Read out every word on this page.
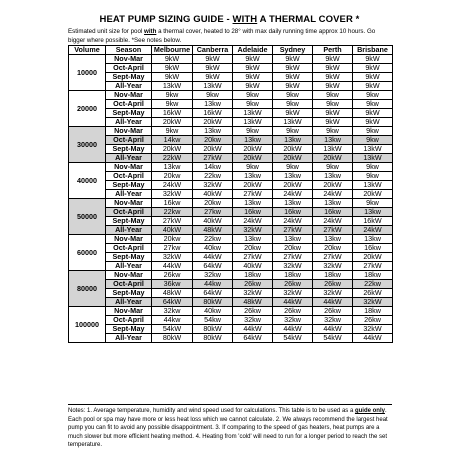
HEAT PUMP SIZING GUIDE - WITH A THERMAL COVER *
Estimated unit size for pool with a thermal cover, heated to 28° with max daily running time approx 10 hours. Go bigger where possible. *See notes below.
Volume	Season	Melbourne	Canberra	Adelaide	Sydney	Perth	Brisbane
10000	Nov-Mar	9kW	9kW	9kW	9kW	9kW	9kW
	Oct-April	9kW	9kW	9kW	9kW	9kW	9kW
	Sept-May	9kW	9kW	9kW	9kW	9kW	9kW
	All-Year	13kW	13kW	9kW	9kW	9kW	9kW
20000	Nov-Mar	9kw	9kw	9kw	9kw	9kw	9kw
	Oct-April	9kw	13kw	9kw	9kw	9kw	9kw
	Sept-May	16kW	16kW	13kW	9kW	9kW	9kW
	All-Year	20kW	20kW	13kW	13kW	9kW	9kW
30000	Nov-Mar	9kw	13kw	9kw	9kw	9kw	9kw
	Oct-April	14kw	20kw	13kw	13kw	13kw	9kw
	Sept-May	20kW	20kW	20kW	20kW	13kW	13kW
	All-Year	22kW	27kW	20kW	20kW	20kW	13kW
40000	Nov-Mar	13kw	14kw	9kw	9kw	9kw	9kw
	Oct-April	20kw	22kw	13kw	13kw	13kw	9kw
	Sept-May	24kW	32kW	20kW	20kW	20kW	13kW
	All-Year	32kW	40kW	27kW	24kW	24kW	20kW
50000	Nov-Mar	16kw	20kw	13kw	13kw	13kw	9kw
	Oct-April	22kw	27kw	16kw	16kw	16kw	13kw
	Sept-May	27kW	40kW	24kW	24kW	24kW	16kW
	All-Year	40kW	48kW	32kW	27kW	27kW	24kW
60000	Nov-Mar	20kw	22kw	13kw	13kw	13kw	13kw
	Oct-April	27kw	40kw	20kw	20kw	20kw	16kw
	Sept-May	32kW	44kW	27kW	27kW	27kW	20kW
	All-Year	44kW	64kW	40kW	32kW	32kW	27kW
80000	Nov-Mar	26kw	32kw	18kw	18kw	18kw	18kw
	Oct-April	36kw	44kw	26kw	26kw	26kw	22kw
	Sept-May	48kW	64kW	32kW	32kW	32kW	26kW
	All-Year	64kW	80kW	48kW	44kW	44kW	32kW
100000	Nov-Mar	32kw	40kw	26kw	26kw	26kw	18kw
	Oct-April	44kw	54kw	32kw	32kw	32kw	26kw
	Sept-May	54kW	80kW	44kW	44kW	44kW	32kW
	All-Year	80kW	80kW	64kW	54kW	54kW	44kW
Notes: 1. Average temperature, humidity and wind speed used for calculations. This table is to be used as a guide only. Each pool or spa may have more or less heat loss which we cannot calculate. 2. We always recommend the largest heat pump you can fit to avoid any possible disappointment. 3. If comparing to the speed of gas heaters, heat pumps are a much slower but more efficient heating method. 4. Heating from 'cold' will need to run for a longer period to reach the set temperature.
